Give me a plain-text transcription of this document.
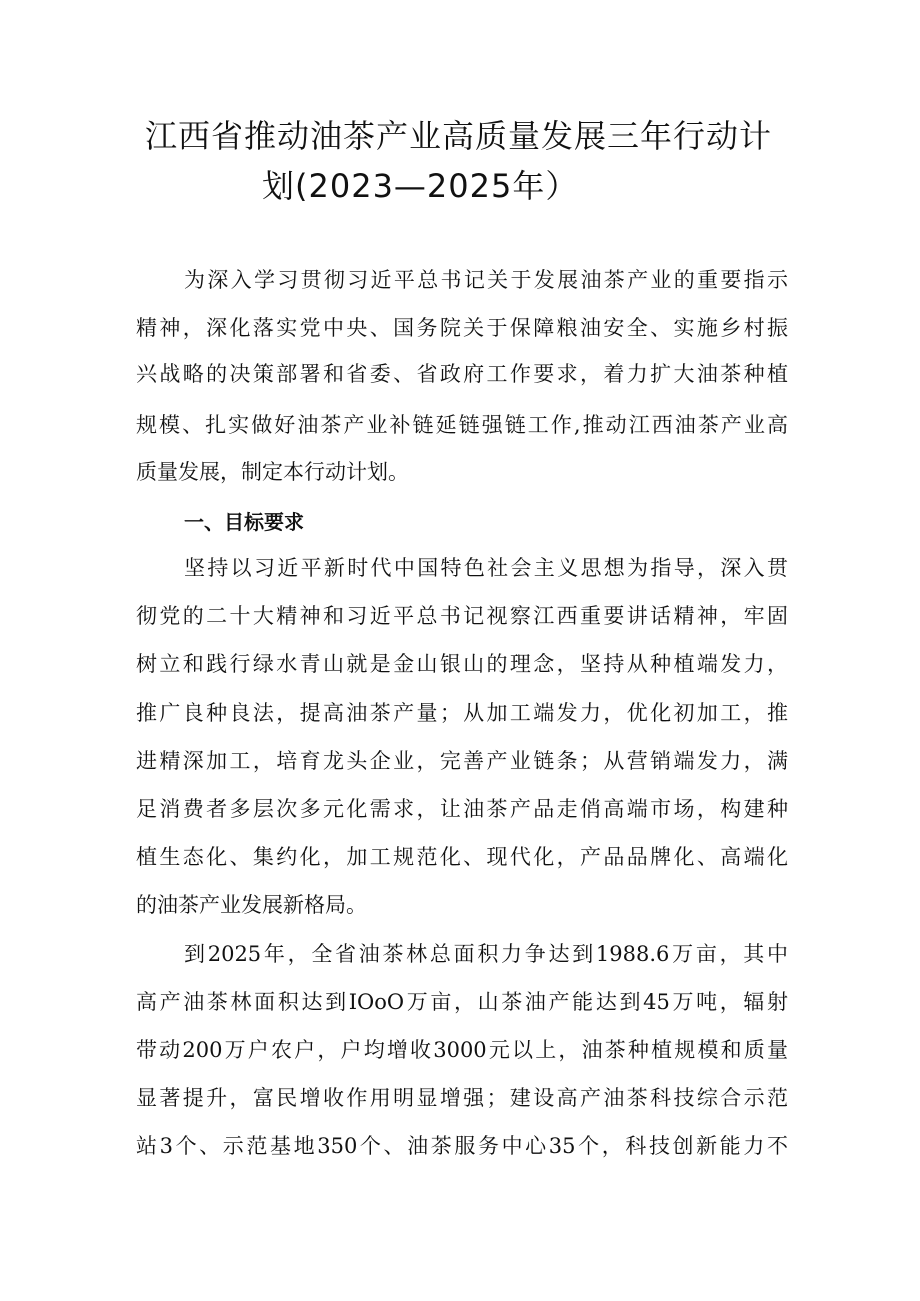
江西省推动油茶产业高质量发展三年行动计
划(2023—2025年）
为深入学习贯彻习近平总书记关于发展油茶产业的重要指示
精神，深化落实党中央、国务院关于保障粮油安全、实施乡村振
兴战略的决策部署和省委、省政府工作要求，着力扩大油茶种植
规模、扎实做好油茶产业补链延链强链工作,推动江西油茶产业高
质量发展，制定本行动计划。
一、目标要求
坚持以习近平新时代中国特色社会主义思想为指导，深入贯
彻党的二十大精神和习近平总书记视察江西重要讲话精神，牢固
树立和践行绿水青山就是金山银山的理念，坚持从种植端发力，
推广良种良法，提高油茶产量；从加工端发力，优化初加工，推
进精深加工，培育龙头企业，完善产业链条；从营销端发力，满
足消费者多层次多元化需求，让油茶产品走俏高端市场，构建种
植生态化、集约化，加工规范化、现代化，产品品牌化、高端化
的油茶产业发展新格局。
到2025年，全省油茶林总面积力争达到1988.6万亩，其中
高产油茶林面积达到IOoO万亩，山茶油产能达到45万吨，辐射
带动200万户农户，户均增收3000元以上，油茶种植规模和质量
显著提升，富民增收作用明显增强；建设高产油茶科技综合示范
站3个、示范基地350个、油茶服务中心35个，科技创新能力不
